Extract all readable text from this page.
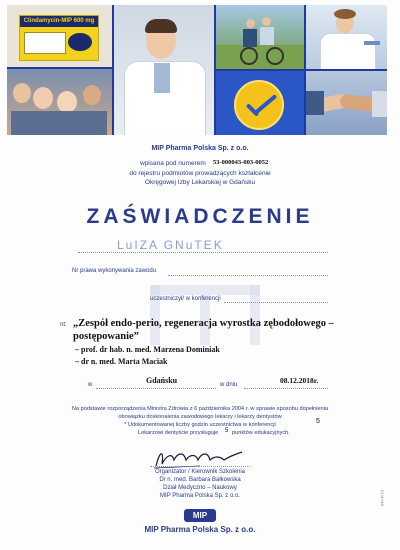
Clindamycin-MIP 600 mg
MIP Pharma Polska Sp. z o.o.
wpisana pod numerem 53-000043-003-0052
do rejestru podmiotów prowadzących kształcenie
Okręgowej Izby Lekarskiej w Gdańsku
ZAŚWIADCZENIE
LuIZA GNuTEK
Nr prawa wykonywania zawodu
uczestniczył/ w konferencji
nt: „Zespół endo-perio, regeneracja wyrostka zębodołowego –
postępowanie”
– prof. dr hab. n. med. Marzena Dominiak
– dr n. med. Marta Maciak
w	Gdańsku	w dniu	08.12.2018r.
Na podstawie rozporządzenia Ministra Zdrowia z 6 października 2004 r. w sprawie sposobu dopełnienia
obowiązku doskonalenia zawodowego lekarzy i lekarzy dentystów
5
* Udokumentowanej liczby godzin uczestnictwa w konferencji
Lekarzowi dentyście przysługuje 5 punktów edukacyjnych.
Organizator / Kierownik Szkolenia
Dr n. med. Barbara Bałkowska
Dział Medyczno – Naukowy
MIP Pharma Polska Sp. z o.o.
MIP
MIP Pharma Polska Sp. z o.o.
CI.M.016
